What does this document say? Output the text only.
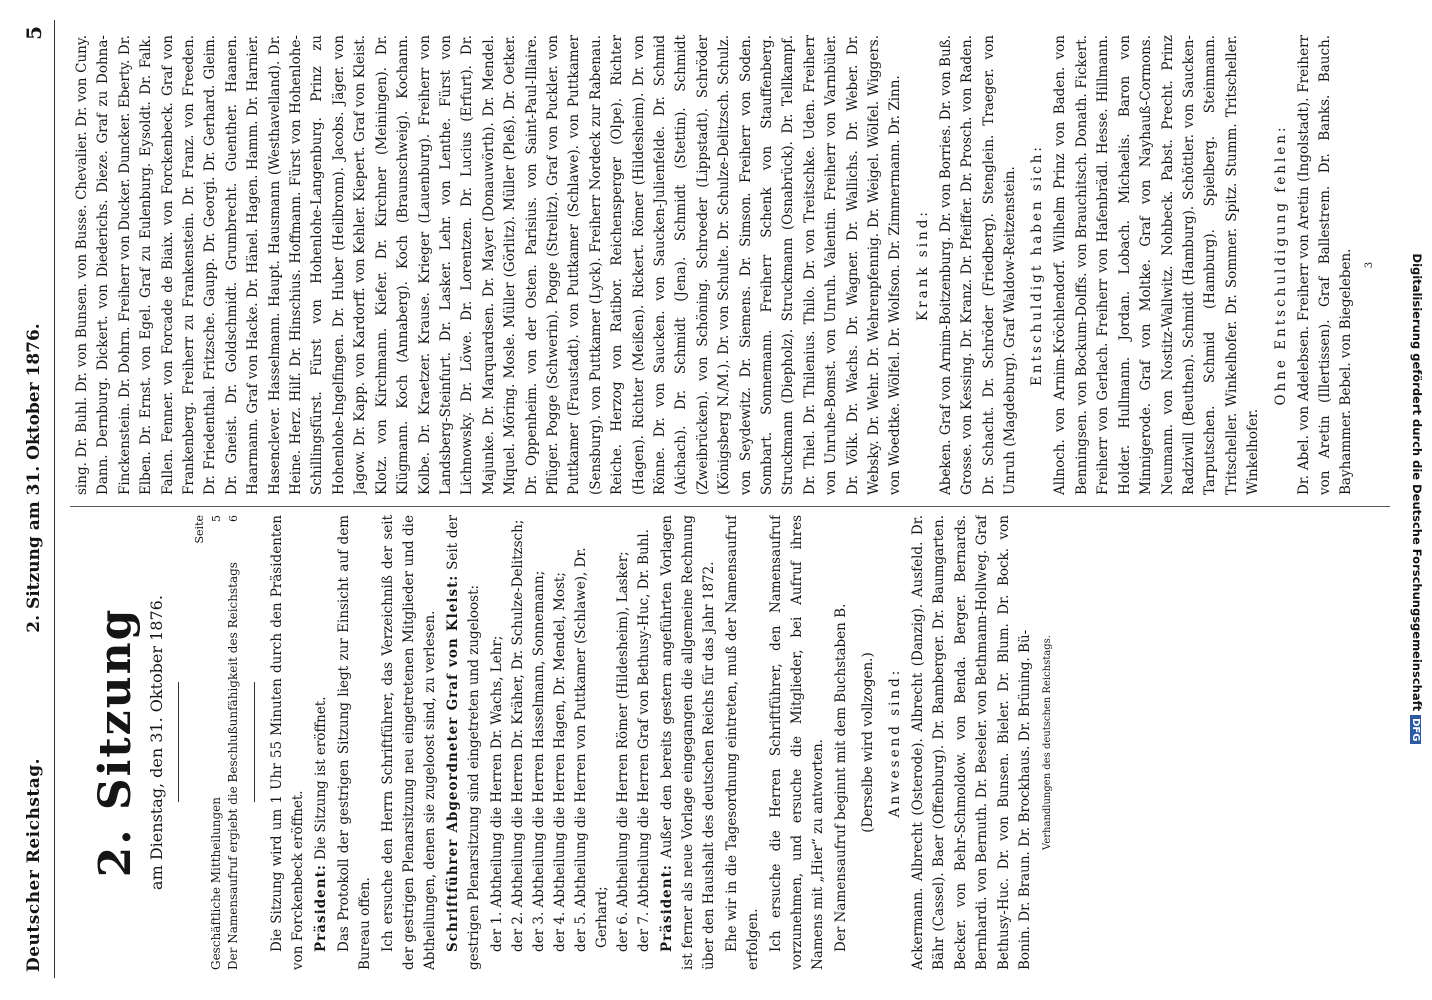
Deutscher Reichstag.
2. Sitzung am 31. Oktober 1876.
5
2. Sitzung am Dienstag, den 31. Oktober 1876.
Seite
Geschäftliche Mittheilungen
5
Der Namensaufruf ergiebt die Beschlußunfähigkeit des Reichstags
6 Die Sitzung wird um 1 Uhr 55 Minuten durch den Präsidenten von Forckenbeck eröffnet. Präsident: Die Sitzung ist eröffnet. Das Protokoll der gestrigen Sitzung liegt zur Einsicht auf dem Bureau offen. Ich ersuche den Herrn Schriftführer, das Verzeichniß der seit der gestrigen Plenarsitzung neu eingetretenen Mitglieder und die Abtheilungen, denen sie zugeloost sind, zu verlesen. Schriftführer Abgeordneter Graf von Kleist: Seit der gestrigen Plenarsitzung sind eingetreten und zugeloost: der 1. Abtheilung die Herren Dr. Wachs, Lehr; der 2. Abtheilung die Herren Dr. Kräher, Dr. Schulze-Delitzsch; der 3. Abtheilung die Herren Hasselmann, Sonnemann; der 4. Abtheilung die Herren Hagen, Dr. Mendel, Most; der 5. Abtheilung die Herren von Puttkamer (Schlawe), Dr. Gerhard; der 6. Abtheilung die Herren Römer (Hildesheim), Lasker; der 7. Abtheilung die Herren Graf von Bethusy-Huc, Dr. Buhl. Präsident: Außer den bereits gestern angeführten Vorlagen ist ferner als neue Vorlage eingegangen die allgemeine Rechnung über den Haushalt des deutschen Reichs für das Jahr 1872. Ehe wir in die Tagesordnung eintreten, muß der Namensaufruf erfolgen. Ich ersuche die Herren Schriftführer, den Namensaufruf vorzunehmen, und ersuche die Mitglieder, bei Aufruf ihres Namens mit „Hier“ zu antworten. Der Namensaufruf beginnt mit dem Buchstaben B. (Derselbe wird vollzogen.) Anwesend sind: Ackermann. Albrecht (Osterode). Albrecht (Danzig). Ausfeld. Dr. Bähr (Cassel). Baer (Offenburg). Dr. Bamberger. Dr. Baumgarten. Becker. von Behr-Schmoldow. von Benda. Berger. Bernards. Bernhardi. von Bernuth. Dr. Beseler. von Bethmann-Hollweg. Graf Bethusy-Huc. Dr. von Bunsen. Bieler. Dr. Blum. Dr. Bock. von Bonin. Dr. Braun. Dr. Brockhaus. Dr. Brüning. Bü- Verhandlungen des deutschen Reichstags.

sing. Dr. Buhl. Dr. von Bunsen. von Busse. Chevalier. Dr. von Cuny. Dann. Dernburg. Dickert. von Diederichs. Dieze. Graf zu Dohna-Finckenstein. Dr. Dohrn. Freiherr von Ducker. Duncker. Eberty. Dr. Elben. Dr. Ernst. von Egel. Graf zu Eulenburg. Eysoldt. Dr. Falk. Fallen. Fenner. von Forcade de Biaix. von Forckenbeck. Graf von Frankenberg. Freiherr zu Frankenstein. Dr. Franz. von Freeden. Dr. Friedenthal. Fritzsche. Gaupp. Dr. Georgi. Dr. Gerhard. Gleim. Dr. Gneist. Dr. Goldschmidt. Grumbrecht. Guenther. Haanen. Haarmann. Graf von Hacke. Dr. Hänel. Hagen. Hamm. Dr. Harnier. Hasenclever. Hasselmann. Haupt. Hausmann (Westhavelland). Dr. Heine. Herz. Hilf. Dr. Hinschius. Hoffmann. Fürst von Hohenlohe-Schillingsfürst. Fürst von Hohenlohe-Langenburg. Prinz zu Hohenlohe-Ingelfingen. Dr. Huber (Heilbronn). Jacobs. Jäger. von Jagow. Dr. Kapp. von Kardorff. von Kehler. Kiepert. Graf von Kleist. Klotz. von Kirchmann. Kiefer. Dr. Kirchner (Meiningen). Dr. Klügmann. Koch (Annaberg). Koch (Braunschweig). Kochann. Kolbe. Dr. Kraetzer. Krause. Krieger (Lauenburg). Freiherr von Landsberg-Steinfurt. Dr. Lasker. Lehr. von Lenthe. Fürst von Lichnowsky. Dr. Löwe. Dr. Lorentzen. Dr. Lucius (Erfurt). Dr. Majunke. Dr. Marquardsen. Dr. Mayer (Donauwörth). Dr. Mendel. Miquel. Möring. Mosle. Müller (Görlitz). Müller (Pleß). Dr. Oetker. Dr. Oppenheim. von der Osten. Parisius. von Saint-Paul-Illaire. Pflüger. Pogge (Schwerin). Pogge (Strelitz). Graf von Puckler. von Puttkamer (Fraustadt). von Puttkamer (Schlawe). von Puttkamer (Sensburg). von Puttkamer (Lyck). Freiherr Nordeck zur Rabenau. Reiche. Herzog von Ratibor. Reichensperger (Olpe). Richter (Hagen). Richter (Meißen). Rickert. Römer (Hildesheim). Dr. von Rönne. Dr. von Saucken. von Saucken-Julienfelde. Dr. Schmid (Aichach). Dr. Schmidt (Jena). Schmidt (Stettin). Schmidt (Zweibrücken). von Schöning. Schroeder (Lippstadt). Schröder (Königsberg N./M.). Dr. von Schulte. Dr. Schulze-Delitzsch. Schulz. von Seydewitz. Dr. Siemens. Dr. Simson. Freiherr von Soden. Sombart. Sonnemann. Freiherr Schenk von Stauffenberg. Struckmann (Diepholz). Struckmann (Osnabrück). Dr. Tellkampf. Dr. Thiel. Dr. Thilenius. Thilo. Dr. von Treitschke. Uden. Freiherr von Unruhe-Bomst. von Unruh. Valentin. Freiherr von Varnbüler. Dr. Völk. Dr. Wachs. Dr. Wagner. Dr. Wallichs. Dr. Weber. Dr. Websky. Dr. Wehr. Dr. Wehrenpfennig. Dr. Weigel. Wölfel. Wiggers. von Woedtke. Wölfel. Dr. Wolfson. Dr. Zimmermann. Dr. Zinn. Krank sind: Abeken. Graf von Arnim-Boitzenburg. Dr. von Borries. Dr. von Buß. Grosse. von Kessing. Dr. Kranz. Dr. Pfeiffer. Dr. Prosch. von Raden. Dr. Schacht. Dr. Schröder (Friedberg). Stenglein. Traeger. von Unruh (Magdeburg). Graf Waldow-Reitzenstein. Entschuldigt haben sich: Allnoch. von Arnim-Kröchlendorf. Wilhelm Prinz von Baden. von Benningsen. von Bockum-Dolffs. von Brauchitsch. Donath. Fickert. Freiherr von Gerlach. Freiherr von Hafenbrädl. Hesse. Hillmann. Holder. Hullmann. Jordan. Lobach. Michaelis. Baron von Minnigerode. Graf von Moltke. Graf von Nayhauß-Cormons. Neumann. von Nostitz-Wallwitz. Nohbeck. Pabst. Precht. Prinz Radziwill (Beuthen). Schmidt (Hamburg). Schöttler. von Saucken-Tarputschen. Schmid (Hamburg). Spielberg. Steinmann. Tritscheller. Winkelhofer. Dr. Sommer. Spitz. Stumm. Tritscheller. Winkelhofer.

Ohne Entschuldigung fehlen: Dr. Abel. von Adelebsen. Freiherr von Aretin (Ingolstadt). Freiherr von Aretin (Illertissen). Graf Ballestrem. Dr. Banks. Bauch. Bayhammer. Bebel. von Biegeleben. 3	Digitalisierung gefördert durch die Deutsche ForschungsgemeinschaftDFG
